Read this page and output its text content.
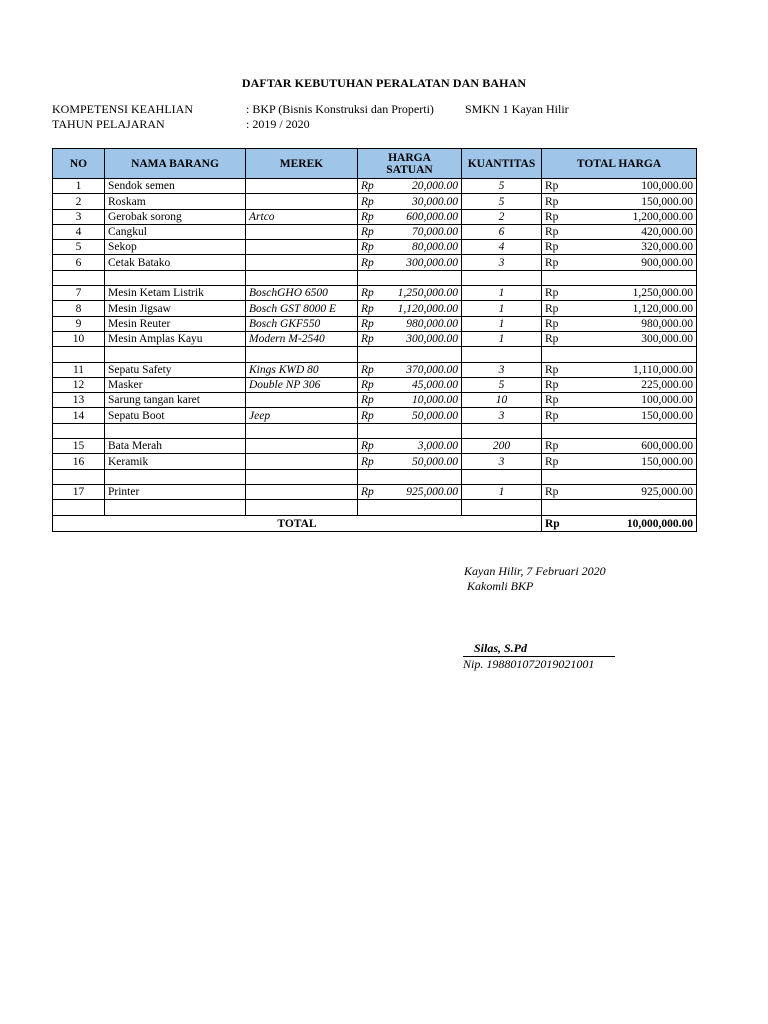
DAFTAR KEBUTUHAN PERALATAN DAN BAHAN
KOMPETENSI KEAHLIAN	: BKP (Bisnis Konstruksi dan Properti)	SMKN 1 Kayan Hilir
TAHUN PELAJARAN	: 2019 / 2020
NO	NAMA BARANG	MEREK	HARGA SATUAN	KUANTITAS	TOTAL HARGA
1	Sendok semen		Rp 20,000.00	5	Rp 100,000.00

2	Roskam		Rp 30,000.00	5	Rp 150,000.00

3	Gerobak sorong	Artco	Rp 600,000.00	2	Rp 1,200,000.00

4	Cangkul		Rp 70,000.00	6	Rp 420,000.00

5	Sekop		Rp 80,000.00	4	Rp 320,000.00

6	Cetak Batako		Rp 300,000.00	3	Rp 900,000.00

7	Mesin Ketam Listrik	BoschGHO 6500	Rp 1,250,000.00	1	Rp 1,250,000.00

8	Mesin Jigsaw	Bosch GST 8000 E	Rp 1,120,000.00	1	Rp 1,120,000.00

9	Mesin Reuter	Bosch GKF550	Rp 980,000.00	1	Rp 980,000.00

10	Mesin Amplas Kayu	Modern M-2540	Rp 300,000.00	1	Rp 300,000.00

11	Sepatu Safety	Kings KWD 80	Rp 370,000.00	3	Rp 1,110,000.00

12	Masker	Double NP 306	Rp 45,000.00	5	Rp 225,000.00

13	Sarung tangan karet		Rp 10,000.00	10	Rp 100,000.00

14	Sepatu Boot	Jeep	Rp 50,000.00	3	Rp 150,000.00

15	Bata Merah		Rp 3,000.00	200	Rp 600,000.00

16	Keramik		Rp 50,000.00	3	Rp 150,000.00

17	Printer		Rp 925,000.00	1	Rp 925,000.00

TOTAL					Rp 10,000,000.00
Kayan Hilir, 7 Februari 2020
Kakomli BKP
Silas, S.Pd
Nip. 198801072019021001
